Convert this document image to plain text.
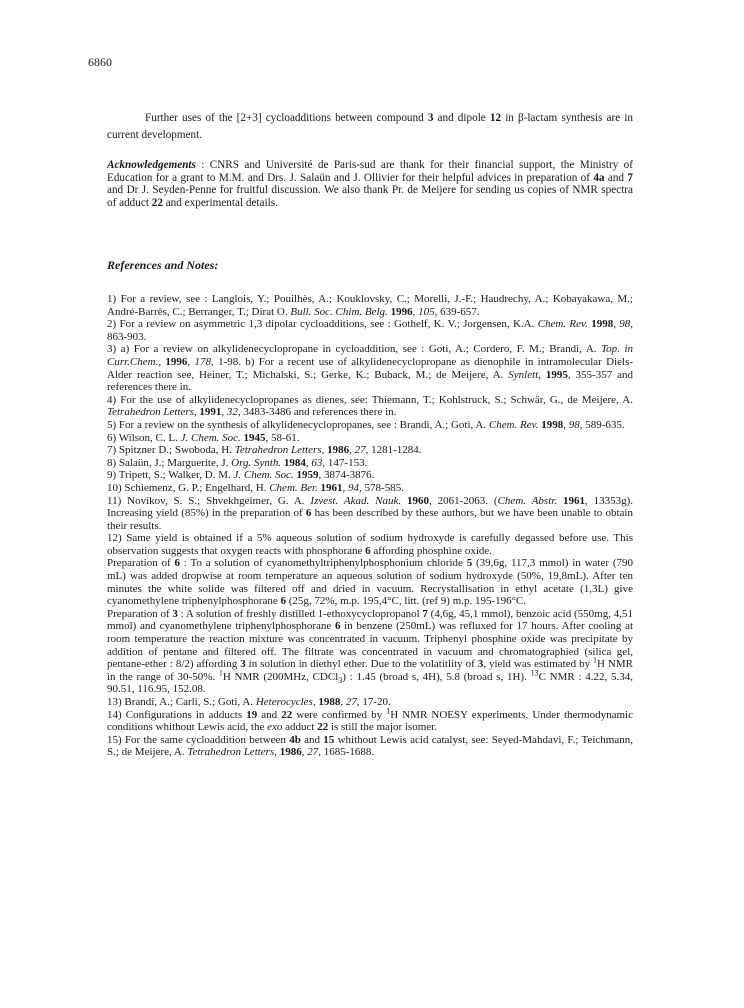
6860
Further uses of the [2+3] cycloadditions between compound 3 and dipole 12 in β-lactam synthesis are in current development.
Acknowledgements : CNRS and Université de Paris-sud are thank for their financial support, the Ministry of Education for a grant to M.M. and Drs. J. Salaün and J. Ollivier for their helpful advices in preparation of 4a and 7 and Dr J. Seyden-Penne for fruitful discussion. We also thank Pr. de Meijere for sending us copies of NMR spectra of adduct 22 and experimental details.
References and Notes:
1) For a review, see : Langlois, Y.; Pouilhès, A.; Kouklovsky, C.; Morelli, J.-F.; Haudrechy, A.; Kobayakawa, M.; André-Barrès, C.; Berranger, T.; Dirat O. Bull. Soc. Chim. Belg. 1996, 105, 639-657.
2) For a review on asymmetric 1,3 dipolar cycloadditions, see : Gothelf, K. V.; Jorgensen, K.A. Chem. Rev. 1998, 98, 863-903.
3) a) For a review on alkylidenecyclopropane in cycloaddition, see : Goti, A.; Cordero, F. M.; Brandi, A. Top. in Curr.Chem., 1996, 178, 1-98. b) For a recent use of alkylidenecyclopropane as dienophile in intramolecular Diels-Alder reaction see, Heiner, T.; Michalski, S.; Gerke, K.; Buback, M.; de Meijere, A. Synlett, 1995, 355-357 and references there in.
4) For the use of alkylidenecyclopropanes as dienes, see: Thiemann, T.; Kohlstruck, S.; Schwär, G., de Meijere, A. Tetrahedron Letters, 1991, 32, 3483-3486 and references there in.
5) For a review on the synthesis of alkylidenecyclopropanes, see : Brandi, A.; Goti, A. Chem. Rev. 1998, 98, 589-635.
6) Wilson, C. L. J. Chem. Soc. 1945, 58-61.
7) Spitzner D.; Swoboda, H. Tetrahedron Letters, 1986, 27, 1281-1284.
8) Salaün, J.; Marguerite, J. Org. Synth. 1984, 63, 147-153.
9) Tripett, S.; Walker, D. M. J. Chem. Soc. 1959, 3874-3876.
10) Schiemenz, G. P.; Engelhard, H. Chem. Ber. 1961, 94, 578-585.
11) Novikov, S. S.; Shvekhgeimer, G. A. Izvest. Akad. Nauk. 1960, 2061-2063. (Chem. Abstr. 1961, 13353g). Increasing yield (85%) in the preparation of 6 has been described by these authors, but we have been unable to obtain their results.
12) Same yield is obtained if a 5% aqueous solution of sodium hydroxyde is carefully degassed before use. This observation suggests that oxygen reacts with phosphorane 6 affording phosphine oxide.
Preparation of 6 : To a solution of cyanomethyltriphenylphosphonium chloride 5 (39,6g, 117,3 mmol) in water (790 mL) was added dropwise at room temperature an aqueous solution of sodium hydroxyde (50%, 19,8mL). After ten minutes the white solide was filtered off and dried in vacuum. Recrystallisation in ethyl acetate (1,3L) give cyanomethylene triphenylphosphorane 6 (25g, 72%, m.p. 195,4°C, litt. (ref 9) m.p. 195-196°C.
Preparation of 3 : A solution of freshly distilled 1-ethoxycyclopropanol 7 (4,6g, 45,1 mmol), benzoic acid (550mg, 4,51 mmol) and cyanomethylene triphenylphosphorane 6 in benzene (250mL) was refluxed for 17 hours. After cooling at room temperature the reaction mixture was concentrated in vacuum. Triphenyl phosphine oxide was precipitate by addition of pentane and filtered off. The filtrate was concentrated in vacuum and chromatographied (silica gel, pentane-ether : 8/2) affording 3 in solution in diethyl ether. Due to the volatitlity of 3, yield was estimated by $^1$H NMR in the range of 30-50%. $^1$H NMR (200MHz, CDCl$_3$) : 1.45 (broad s, 4H), 5.8 (broad s, 1H). $^{13}$C NMR : 4.22, 5.34, 90.51, 116.95, 152.08.
13) Brandi, A.; Carli, S.; Goti, A. Heterocycles, 1988, 27, 17-20.
14) Configurations in adducts 19 and 22 were confirmed by $^1$H NMR NOESY experiments. Under thermodynamic conditions whithout Lewis acid, the exo adduct 22 is still the major isomer.
15) For the same cycloaddition between 4b and 15 whithout Lewis acid catalyst, see: Seyed-Mahdavi, F.; Teichmann, S.; de Meijere, A. Tetrahedron Letters, 1986, 27, 1685-1688.
